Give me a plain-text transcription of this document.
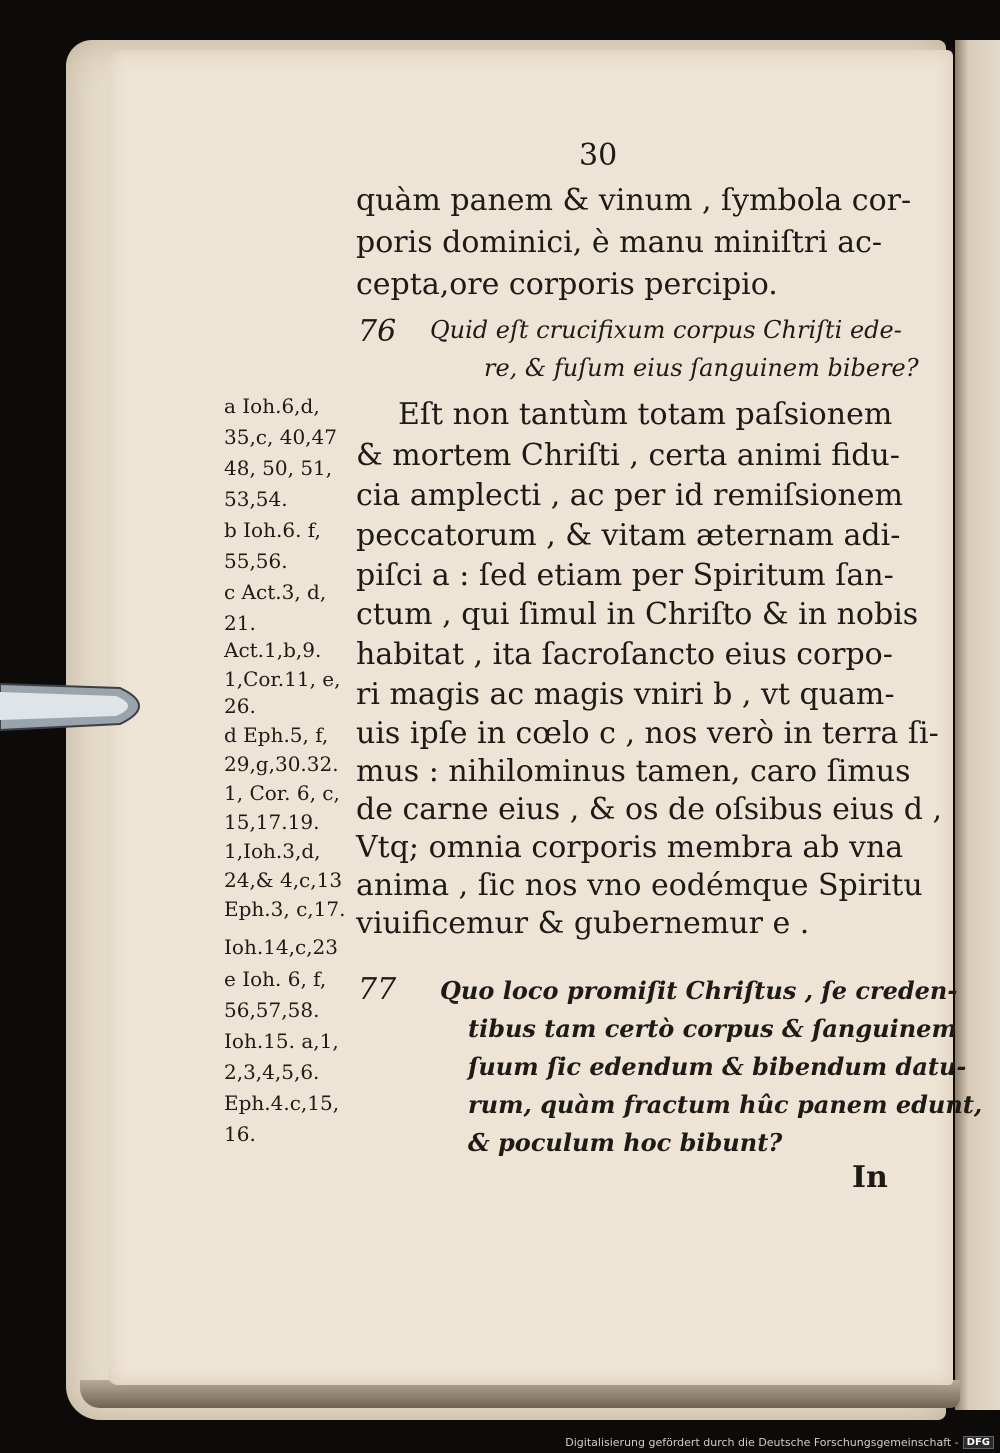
30
quàm panem & vinum , ſymbola cor-
poris dominici, è manu miniſtri ac-
cepta,ore corporis percipio.
76 Quid eſt crucifixum corpus Chriſti ede-
re, & fuſum eius ſanguinem bibere?
Eſt non tantùm totam paſsionem
& mortem Chriſti , certa animi fidu-
cia amplecti , ac per id remiſsionem
peccatorum , & vitam æternam adi-
piſci a : ſed etiam per Spiritum ſan-
ctum , qui ſimul in Chriſto & in nobis
habitat , ita ſacroſancto eius corpo-
ri magis ac magis vniri b , vt quam-
uis ipſe in cœlo c , nos verò in terra ſi-
mus : nihilominus tamen, caro ſimus
de carne eius , & os de oſsibus eius d ,
Vtq; omnia corporis membra ab vna
anima , ſic nos vno eodémque Spiritu
viuificemur & gubernemur e .
a Ioh.6,d,
35,c, 40,47
48, 50, 51,
53,54.
b Ioh.6. f,
55,56.
c Act.3, d,
21.
Act.1,b,9.
1,Cor.11, e,
26.
d Eph.5, f,
29,g,30.32.
1, Cor. 6, c,
15,17.19.
1,Ioh.3,d,
24,& 4,c,13
Eph.3, c,17.
Ioh.14,c,23
e Ioh. 6, f,
56,57,58.
Ioh.15. a,1,
2,3,4,5,6.
Eph.4.c,15,
16.
77 Quo loco promiſit Chriſtus , ſe creden-
tibus tam certò corpus & ſanguinem
ſuum ſic edendum & bibendum datu-
rum, quàm fractum hûc panem edunt,
& poculum hoc bibunt?
In
Digitalisierung gefördert durch die Deutsche Forschungsgemeinschaft - DFG
